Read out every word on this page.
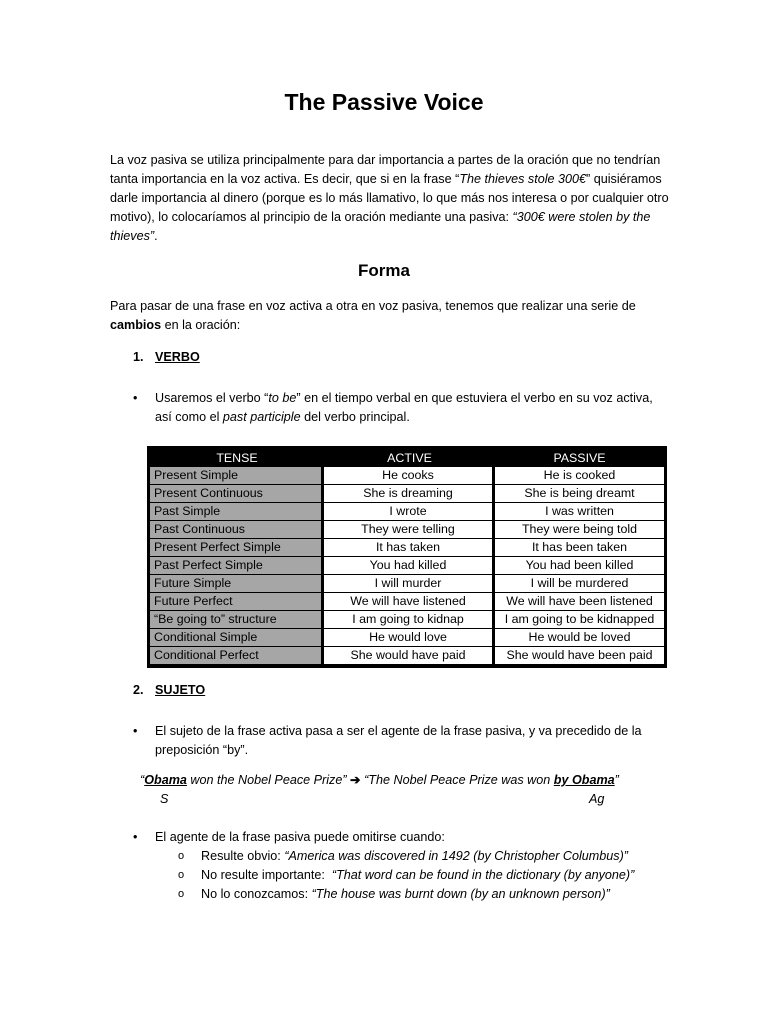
The Passive Voice

La voz pasiva se utiliza principalmente para dar importancia a partes de la oración que no tendrían tanta importancia en la voz activa. Es decir, que si en la frase “The thieves stole 300€” quisiéramos darle importancia al dinero (porque es lo más llamativo, lo que más nos interesa o por cualquier otro motivo), lo colocaríamos al principio de la oración mediante una pasiva: “300€ were stolen by the thieves”.

Forma

Para pasar de una frase en voz activa a otra en voz pasiva, tenemos que realizar una serie de cambios en la oración:

1. VERBO

• Usaremos el verbo “to be” en el tiempo verbal en que estuviera el verbo en su voz activa, así como el past participle del verbo principal.
TENSE	ACTIVE	PASSIVE
Present Simple	He cooks	He is cooked
Present Continuous	She is dreaming	She is being dreamt
Past Simple	I wrote	I was written
Past Continuous	They were telling	They were being told
Present Perfect Simple	It has taken	It has been taken
Past Perfect Simple	You had killed	You had been killed
Future Simple	I will murder	I will be murdered
Future Perfect	We will have listened	We will have been listened
“Be going to” structure	I am going to kidnap	I am going to be kidnapped
Conditional Simple	He would love	He would be loved
Conditional Perfect	She would have paid	She would have been paid

2. SUJETO

• El sujeto de la frase activa pasa a ser el agente de la frase pasiva, y va precedido de la preposición “by”.

“Obama won the Nobel Peace Prize” ➔ “The Nobel Peace Prize was won by Obama”

S	Ag

• El agente de la frase pasiva puede omitirse cuando:
o Resulte obvio: “America was discovered in 1492 (by Christopher Columbus)”
o No resulte importante:  “That word can be found in the dictionary (by anyone)”
o No lo conozcamos: “The house was burnt down (by an unknown person)”
